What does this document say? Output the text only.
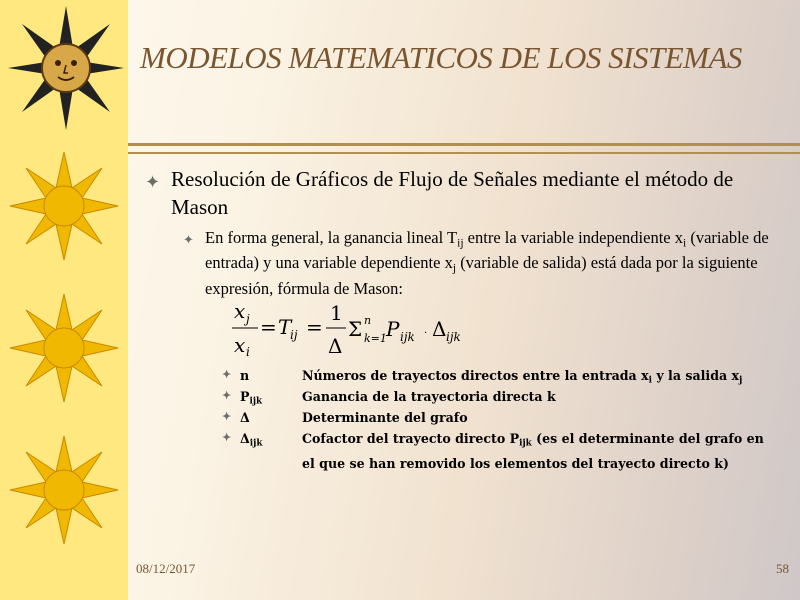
MODELOS MATEMATICOS DE LOS SISTEMAS
✦ Resolución de Gráficos de Flujo de Señales mediante el método de Mason
✦ En forma general, la ganancia lineal $T_{ij}$ entre la variable independiente $x_i$ (variable de entrada) y una variable dependiente $x_j$ (variable de salida) está dada por la siguiente expresión, fórmula de Mason:
x j
x i
= T
ij =
1
Δ
Σ n
k=1 P ijk · Δ ijk
✦ n	Números de trayectos directos entre la entrada $x_i$ y la salida $x_j$
✦ $P_{ijk}$	Ganancia de la trayectoria directa k
✦ Δ	Determinante del grafo
✦ $\Delta_{ijk}$	Cofactor del trayecto directo $P_{ijk}$ (es el determinante del grafo en el que se han removido los elementos del trayecto directo k)
08/12/2017	58
